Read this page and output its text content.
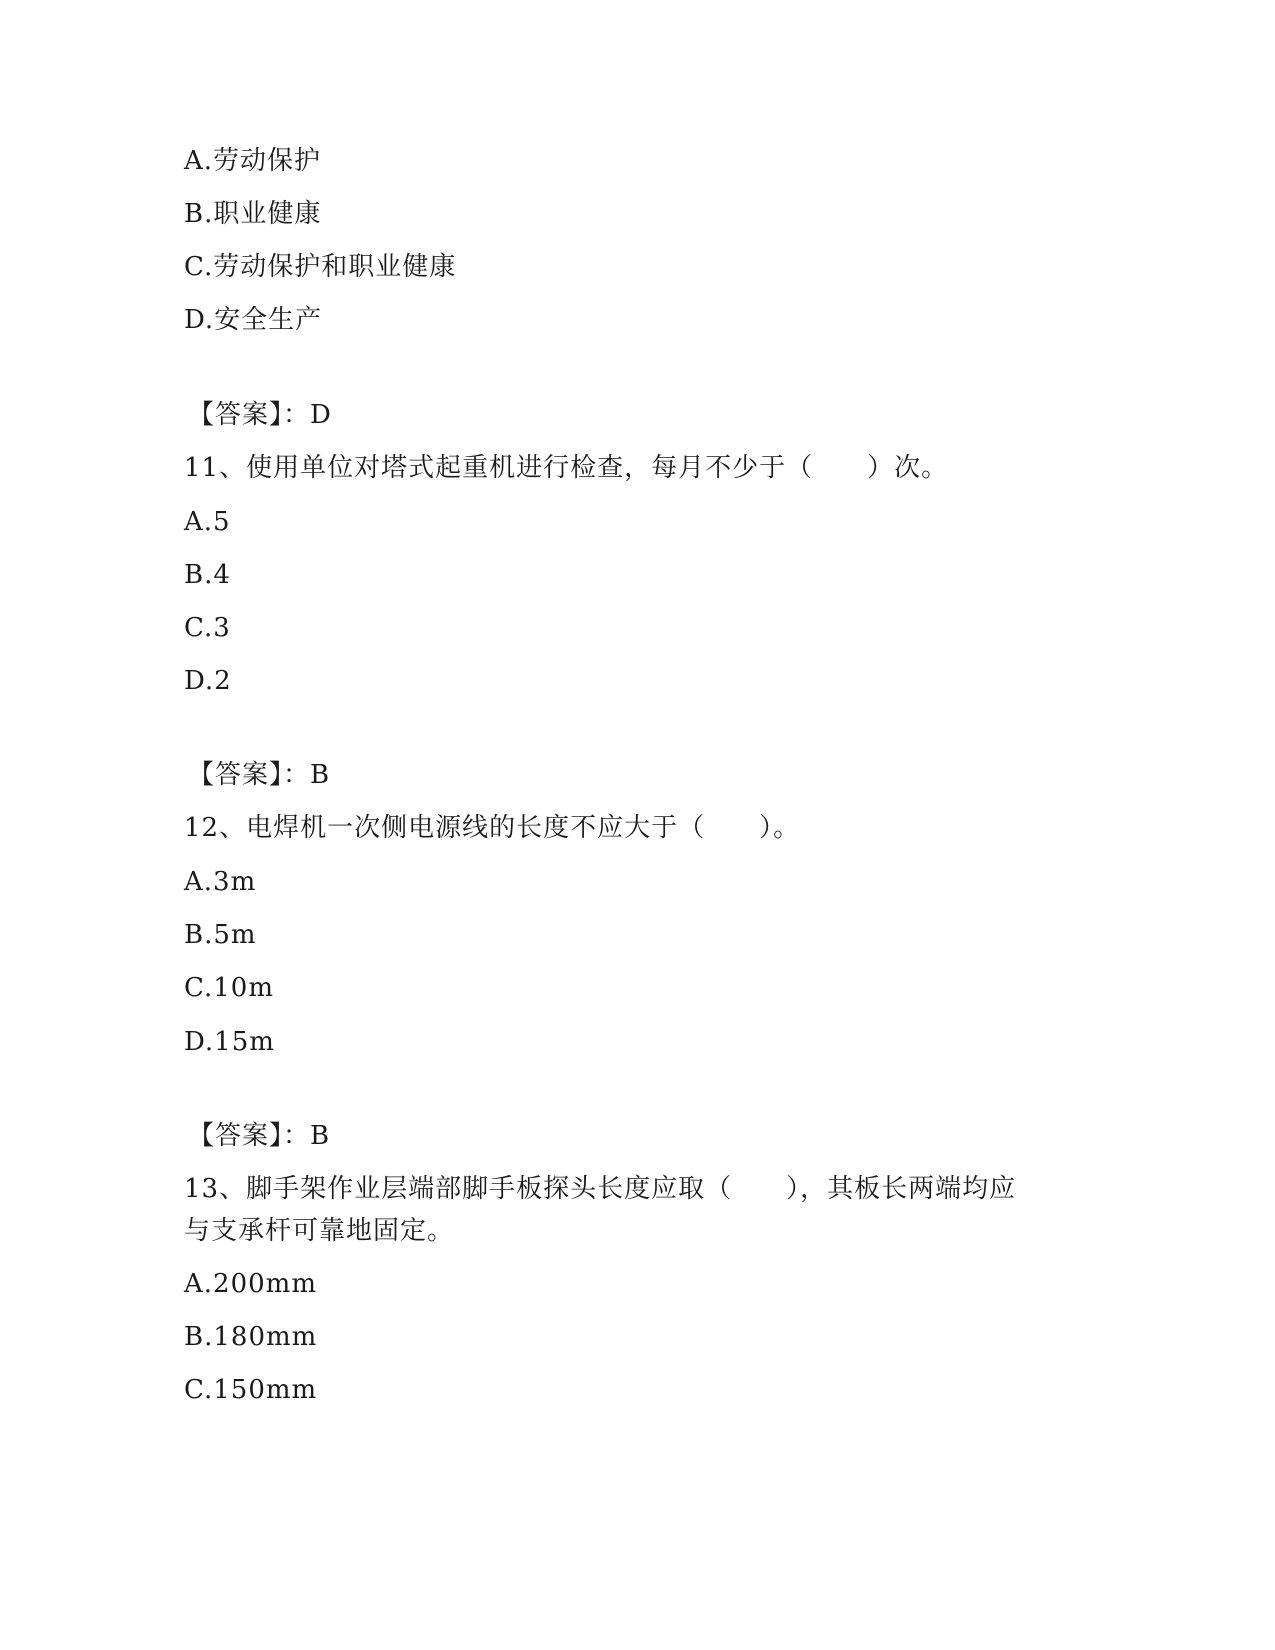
A.劳动保护
B.职业健康
C.劳动保护和职业健康
D.安全生产
【答案】：D
11、使用单位对塔式起重机进行检查，每月不少于（　　）次。
A.5
B.4
C.3
D.2
【答案】：B
12、电焊机一次侧电源线的长度不应大于（　　）。
A.3m
B.5m
C.10m
D.15m
【答案】：B
13、脚手架作业层端部脚手板探头长度应取（　　），其板长两端均应
与支承杆可靠地固定。
A.200mm
B.180mm
C.150mm
